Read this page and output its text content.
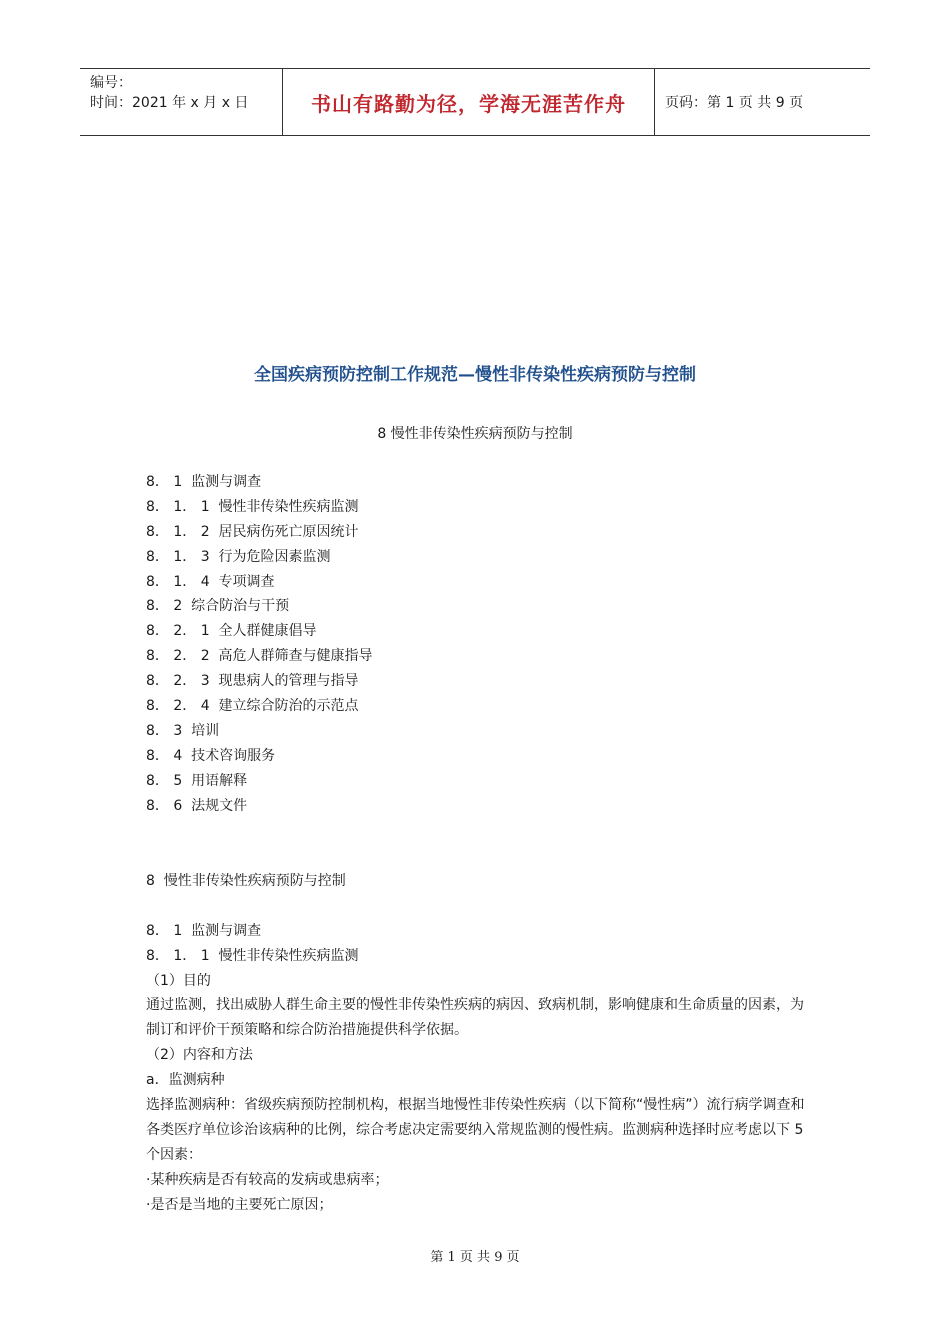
编号：
时间：2021 年 x 月 x 日	书山有路勤为径，学海无涯苦作舟	页码：第 1 页 共 9 页
全国疾病预防控制工作规范—慢性非传染性疾病预防与控制
8 慢性非传染性疾病预防与控制
8． 1  监测与调查
8． 1． 1  慢性非传染性疾病监测
8． 1． 2  居民病伤死亡原因统计
8． 1． 3  行为危险因素监测
8． 1． 4  专项调查
8． 2  综合防治与干预
8． 2． 1  全人群健康倡导
8． 2． 2  高危人群筛查与健康指导
8． 2． 3  现患病人的管理与指导
8． 2． 4  建立综合防治的示范点
8． 3  培训
8． 4  技术咨询服务
8． 5  用语解释
8． 6  法规文件
8  慢性非传染性疾病预防与控制
8． 1  监测与调查
8． 1． 1  慢性非传染性疾病监测
（1）目的
通过监测，找出威胁人群生命主要的慢性非传染性疾病的病因、致病机制，影响健康和生命质量的因素，为制订和评价干预策略和综合防治措施提供科学依据。
（2）内容和方法
a．监测病种
选择监测病种：省级疾病预防控制机构，根据当地慢性非传染性疾病（以下简称“慢性病”）流行病学调查和各类医疗单位诊治该病种的比例，综合考虑决定需要纳入常规监测的慢性病。监测病种选择时应考虑以下 5 个因素：
·某种疾病是否有较高的发病或患病率；
·是否是当地的主要死亡原因；
第 1 页 共 9 页
